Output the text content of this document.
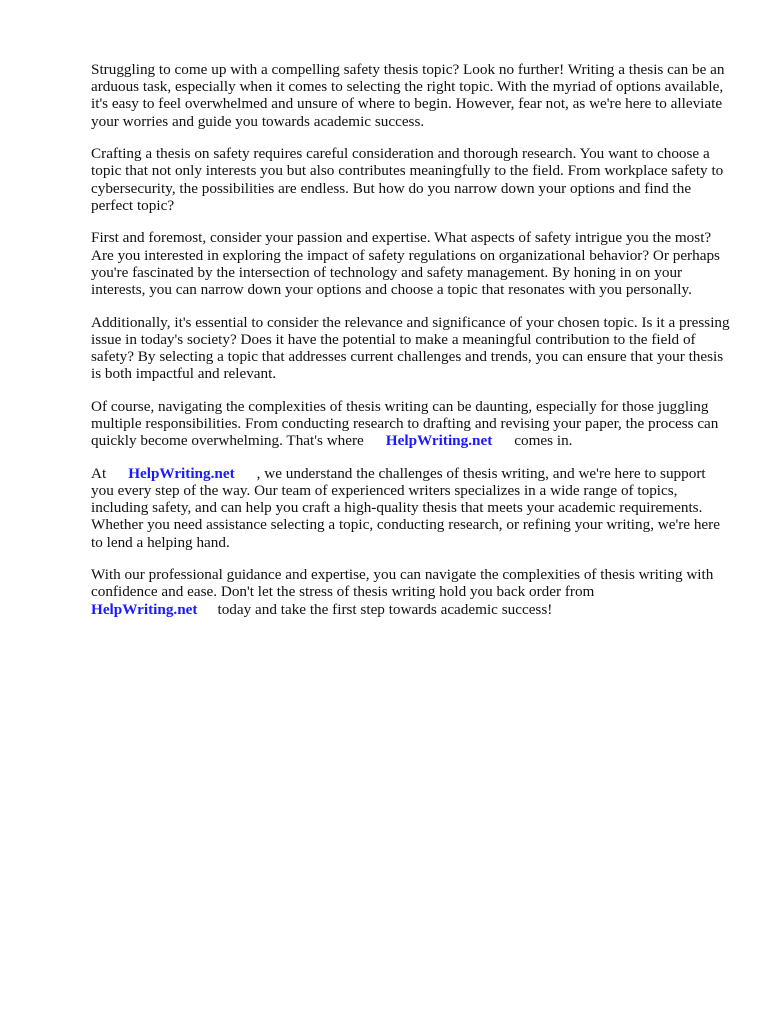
Struggling to come up with a compelling safety thesis topic? Look no further! Writing a thesis can be an arduous task, especially when it comes to selecting the right topic. With the myriad of options available, it's easy to feel overwhelmed and unsure of where to begin. However, fear not, as we're here to alleviate your worries and guide you towards academic success.

Crafting a thesis on safety requires careful consideration and thorough research. You want to choose a topic that not only interests you but also contributes meaningfully to the field. From workplace safety to cybersecurity, the possibilities are endless. But how do you narrow down your options and find the perfect topic?

First and foremost, consider your passion and expertise. What aspects of safety intrigue you the most? Are you interested in exploring the impact of safety regulations on organizational behavior? Or perhaps you're fascinated by the intersection of technology and safety management. By honing in on your interests, you can narrow down your options and choose a topic that resonates with you personally.

Additionally, it's essential to consider the relevance and significance of your chosen topic. Is it a pressing issue in today's society? Does it have the potential to make a meaningful contribution to the field of safety? By selecting a topic that addresses current challenges and trends, you can ensure that your thesis is both impactful and relevant.

Of course, navigating the complexities of thesis writing can be daunting, especially for those juggling multiple responsibilities. From conducting research to drafting and revising your paper, the process can quickly become overwhelming. That's where HelpWriting.net comes in.

At HelpWriting.net , we understand the challenges of thesis writing, and we're here to support you every step of the way. Our team of experienced writers specializes in a wide range of topics, including safety, and can help you craft a high-quality thesis that meets your academic requirements. Whether you need assistance selecting a topic, conducting research, or refining your writing, we're here to lend a helping hand.

With our professional guidance and expertise, you can navigate the complexities of thesis writing with confidence and ease. Don't let the stress of thesis writing hold you back order from
HelpWriting.net today and take the first step towards academic success!
